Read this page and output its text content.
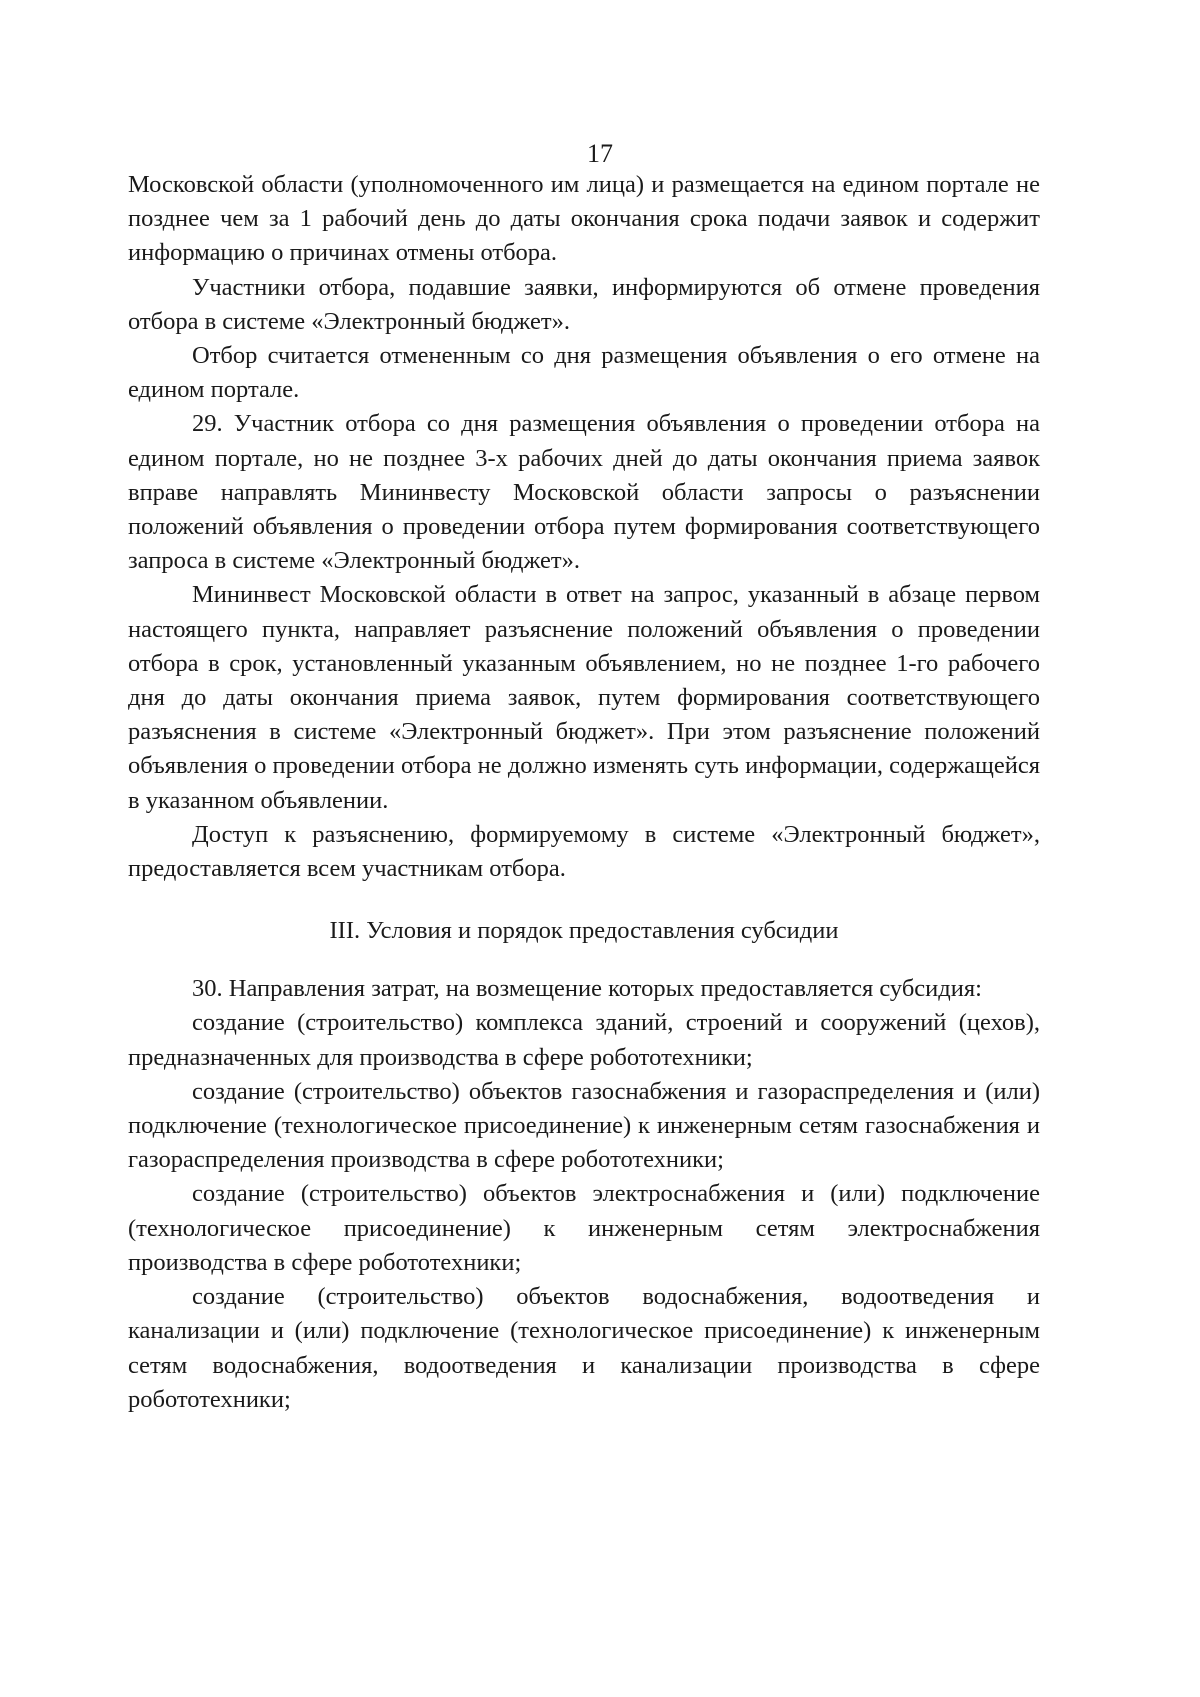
17

Московской области (уполномоченного им лица) и размещается на едином портале не позднее чем за 1 рабочий день до даты окончания срока подачи заявок и содержит информацию о причинах отмены отбора.

Участники отбора, подавшие заявки, информируются об отмене проведения отбора в системе «Электронный бюджет».

Отбор считается отмененным со дня размещения объявления о его отмене на едином портале.

29. Участник отбора со дня размещения объявления о проведении отбора на едином портале, но не позднее 3-х рабочих дней до даты окончания приема заявок вправе направлять Мининвесту Московской области запросы о разъяснении положений объявления о проведении отбора путем формирования соответствующего запроса в системе «Электронный бюджет».

Мининвест Московской области в ответ на запрос, указанный в абзаце первом настоящего пункта, направляет разъяснение положений объявления о проведении отбора в срок, установленный указанным объявлением, но не позднее 1-го рабочего дня до даты окончания приема заявок, путем формирования соответствующего разъяснения в системе «Электронный бюджет». При этом разъяснение положений объявления о проведении отбора не должно изменять суть информации, содержащейся в указанном объявлении.

Доступ к разъяснению, формируемому в системе «Электронный бюджет», предоставляется всем участникам отбора.

III. Условия и порядок предоставления субсидии

30. Направления затрат, на возмещение которых предоставляется субсидия:

создание (строительство) комплекса зданий, строений и сооружений (цехов), предназначенных для производства в сфере робототехники;

создание (строительство) объектов газоснабжения и газораспределения и (или) подключение (технологическое присоединение) к инженерным сетям газоснабжения и газораспределения производства в сфере робототехники;

создание (строительство) объектов электроснабжения и (или) подключение (технологическое присоединение) к инженерным сетям электроснабжения производства в сфере робототехники;

создание (строительство) объектов водоснабжения, водоотведения и канализации и (или) подключение (технологическое присоединение) к инженерным сетям водоснабжения, водоотведения и канализации производства в сфере робототехники;
